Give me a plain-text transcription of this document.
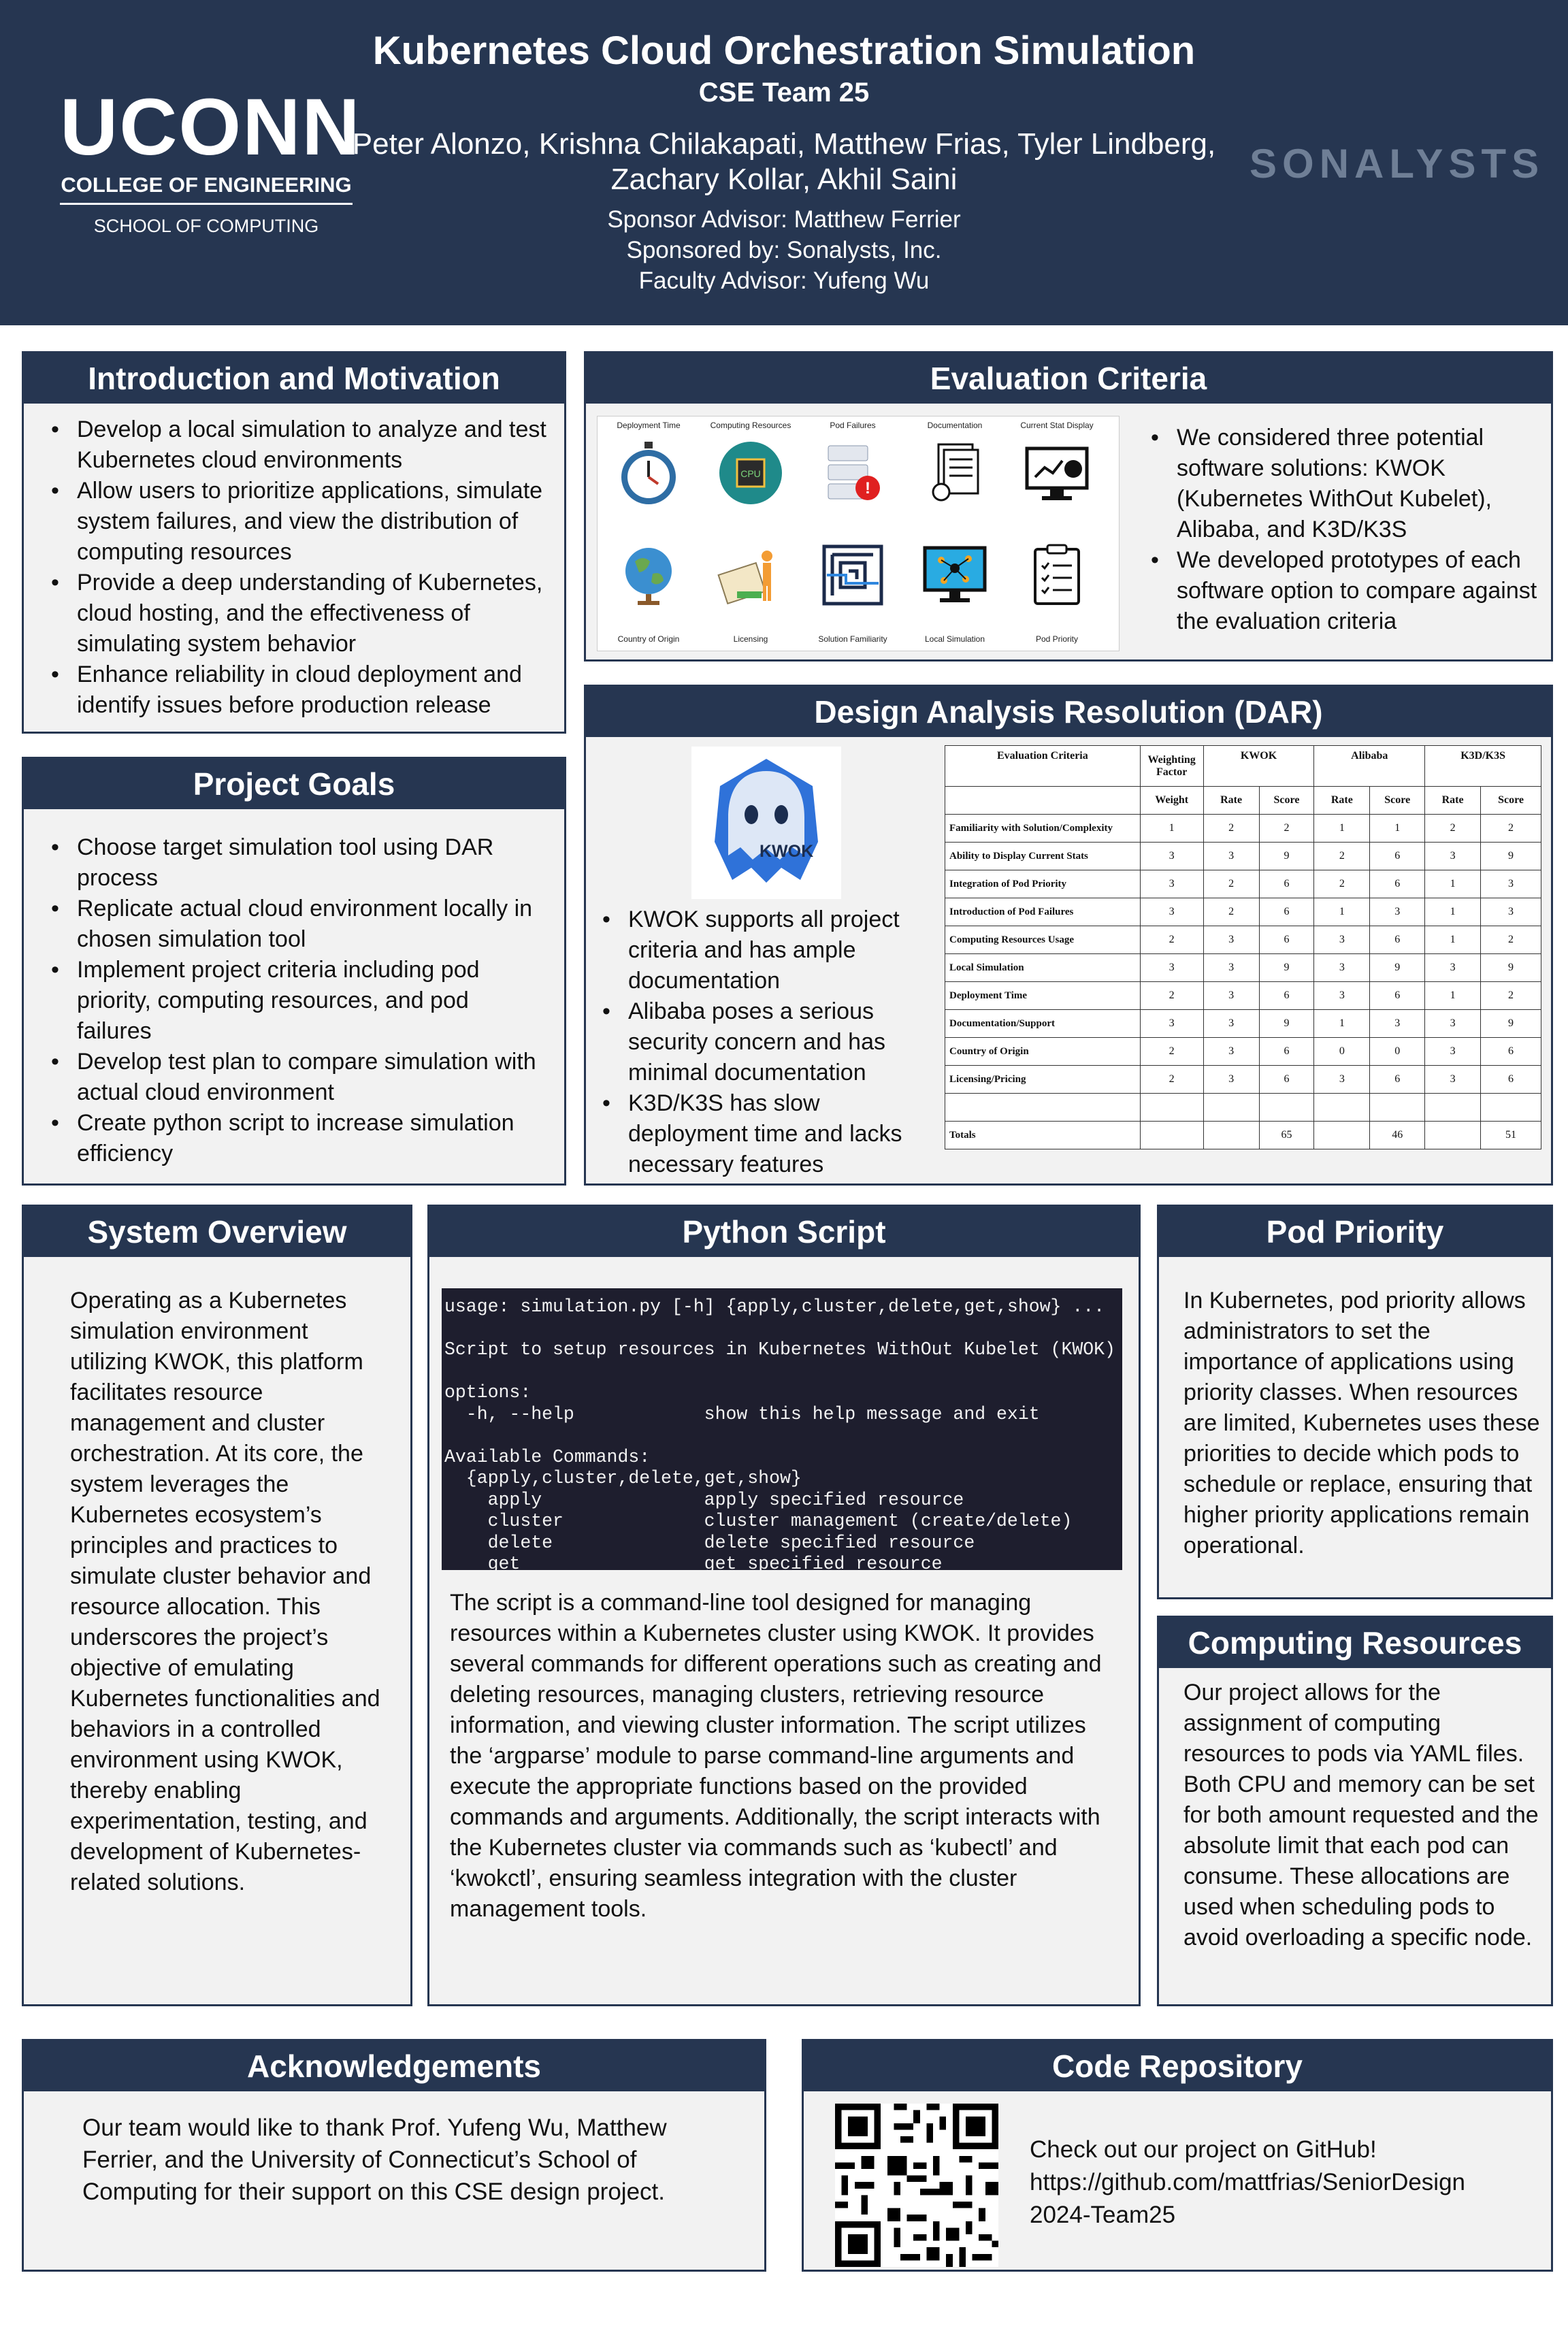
UCONN
COLLEGE OF ENGINEERING
SCHOOL OF COMPUTING
Kubernetes Cloud Orchestration Simulation
CSE Team 25
Peter Alonzo, Krishna Chilakapati, Matthew Frias, Tyler Lindberg,
Zachary Kollar, Akhil Saini
Sponsor Advisor: Matthew Ferrier
Sponsored by: Sonalysts, Inc.
Faculty Advisor: Yufeng Wu
SONALYSTS
Introduction and Motivation
• Develop a local simulation to analyze and test Kubernetes cloud environments
• Allow users to prioritize applications, simulate system failures, and view the distribution of computing resources
• Provide a deep understanding of Kubernetes, cloud hosting, and the effectiveness of simulating system behavior
• Enhance reliability in cloud deployment and identify issues before production release
Project Goals
• Choose target simulation tool using DAR process
• Replicate actual cloud environment locally in chosen simulation tool
• Implement project criteria including pod priority, computing resources, and pod failures
• Develop test plan to compare simulation with actual cloud environment
• Create python script to increase simulation efficiency
Evaluation Criteria
Deployment Time	Computing Resources
CPU
Pod Failures
!
Documentation	Current Stat Display
Country of Origin	Licensing	Solution Familiarity	Local Simulation	Pod Priority
• We considered three potential software solutions: KWOK (Kubernetes WithOut Kubelet), Alibaba, and K3D/K3S
• We developed prototypes of each software option to compare against the evaluation criteria
Design Analysis Resolution (DAR)
KWOK
• KWOK supports all project criteria and has ample documentation
• Alibaba poses a serious security concern and has minimal documentation
• K3D/K3S has slow deployment time and lacks necessary features
Evaluation Criteria	Weighting Factor	KWOK		Alibaba		K3D/K3S	
	Weight	Rate	Score	Rate	Score	Rate	Score
Familiarity with Solution/Complexity	1	2	2	1	1	2	2
Ability to Display Current Stats	3	3	9	2	6	3	9
Integration of Pod Priority	3	2	6	2	6	1	3
Introduction of Pod Failures	3	2	6	1	3	1	3
Computing Resources Usage	2	3	6	3	6	1	2
Local Simulation	3	3	9	3	9	3	9
Deployment Time	2	3	6	3	6	1	2
Documentation/Support	3	3	9	1	3	3	9
Country of Origin	2	3	6	0	0	3	6
Licensing/Pricing	2	3	6	3	6	3	6

Totals			65		46		51
System Overview
Operating as a Kubernetes simulation environment utilizing KWOK, this platform facilitates resource management and cluster orchestration. At its core, the system leverages the Kubernetes ecosystem’s principles and practices to simulate cluster behavior and resource allocation. This underscores the project’s objective of emulating Kubernetes functionalities and behaviors in a controlled environment using KWOK, thereby enabling experimentation, testing, and development of Kubernetes-related solutions.
Python Script
usage: simulation.py [-h] {apply,cluster,delete,get,show} ...

Script to setup resources in Kubernetes WithOut Kubelet (KWOK)

options:
-h, --help            show this help message and exit

Available Commands:
{apply,cluster,delete,get,show}
apply               apply specified resource
cluster             cluster management (create/delete)
delete              delete specified resource
get                 get specified resource
show                show pod characteristics
The script is a command-line tool designed for managing resources within a Kubernetes cluster using KWOK. It provides several commands for different operations such as creating and deleting resources, managing clusters, retrieving resource information, and viewing cluster information. The script utilizes the ‘argparse’ module to parse command-line arguments and execute the appropriate functions based on the provided commands and arguments. Additionally, the script interacts with the Kubernetes cluster via commands such as ‘kubectl’ and ‘kwokctl’, ensuring seamless integration with the cluster management tools.
Pod Priority
In Kubernetes, pod priority allows administrators to set the importance of applications using priority classes. When resources are limited, Kubernetes uses these priorities to decide which pods to schedule or replace, ensuring that higher priority applications remain operational.
Computing Resources
Our project allows for the assignment of computing resources to pods via YAML files. Both CPU and memory can be set for both amount requested and the absolute limit that each pod can consume. These allocations are used when scheduling pods to avoid overloading a specific node.
Acknowledgements
Our team would like to thank Prof. Yufeng Wu, Matthew Ferrier, and the University of Connecticut’s School of Computing for their support on this CSE design project.
Code Repository
Check out our project on GitHub!
https://github.com/mattfrias/SeniorDesign
2024-Team25
